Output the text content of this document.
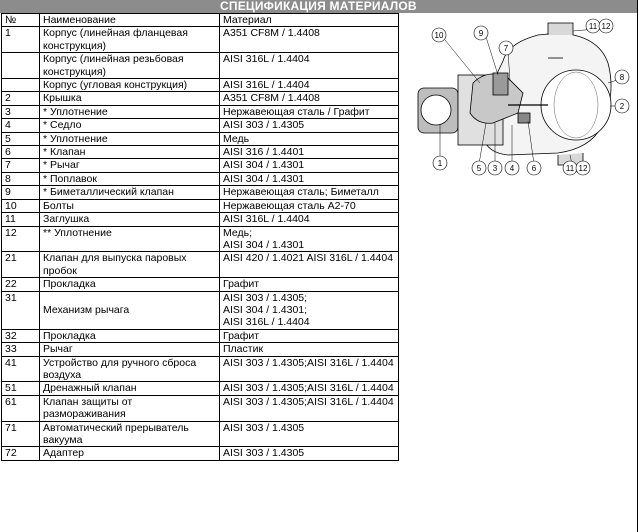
СПЕЦИФИКАЦИЯ МАТЕРИАЛОВ
№	Наименование	Материал
1	Корпус (линейная фланцевая конструкция)	A351 CF8M / 1.4408
	Корпус (линейная резьбовая конструкция)	AISI 316L / 1.4404
	Корпус (угловая конструкция)	AISI 316L / 1.4404
2	Крышка	A351 CF8M / 1.4408
3	* Уплотнение	Нержавеющая сталь / Графит
4	* Седло	AISI 303 / 1.4305
5	* Уплотнение	Медь
6	* Клапан	AISI 316 / 1.4401
7	* Рычаг	AISI 304 / 1.4301
8	* Поплавок	AISI 304 / 1.4301
9	* Биметаллический клапан	Нержавеющая сталь; Биметалл
10	Болты	Нержавеющая сталь A2-70
11	Заглушка	AISI 316L / 1.4404
12	** Уплотнение	Медь;
AISI 304 / 1.4301
21	Клапан для выпуска паровых пробок	AISI 420 / 1.4021 AISI 316L / 1.4404
22	Прокладка	Графит
31	Механизм рычага	AISI 303 / 1.4305;
AISI 304 / 1.4301;
AISI 316L / 1.4404
32	Прокладка	Графит
33	Рычаг	Пластик
41	Устройство для ручного сброса воздуха	AISI 303 / 1.4305;AISI 316L / 1.4404
51	Дренажный клапан	AISI 303 / 1.4305;AISI 316L / 1.4404
61	Клапан защиты от размораживания	AISI 303 / 1.4305;AISI 316L / 1.4404
71	Автоматический прерыватель вакуума	AISI 303 / 1.4305
72	Адаптер	AISI 303 / 1.4305
10	9
7
11 12
8
2
1
5 3 4 6	11 12
